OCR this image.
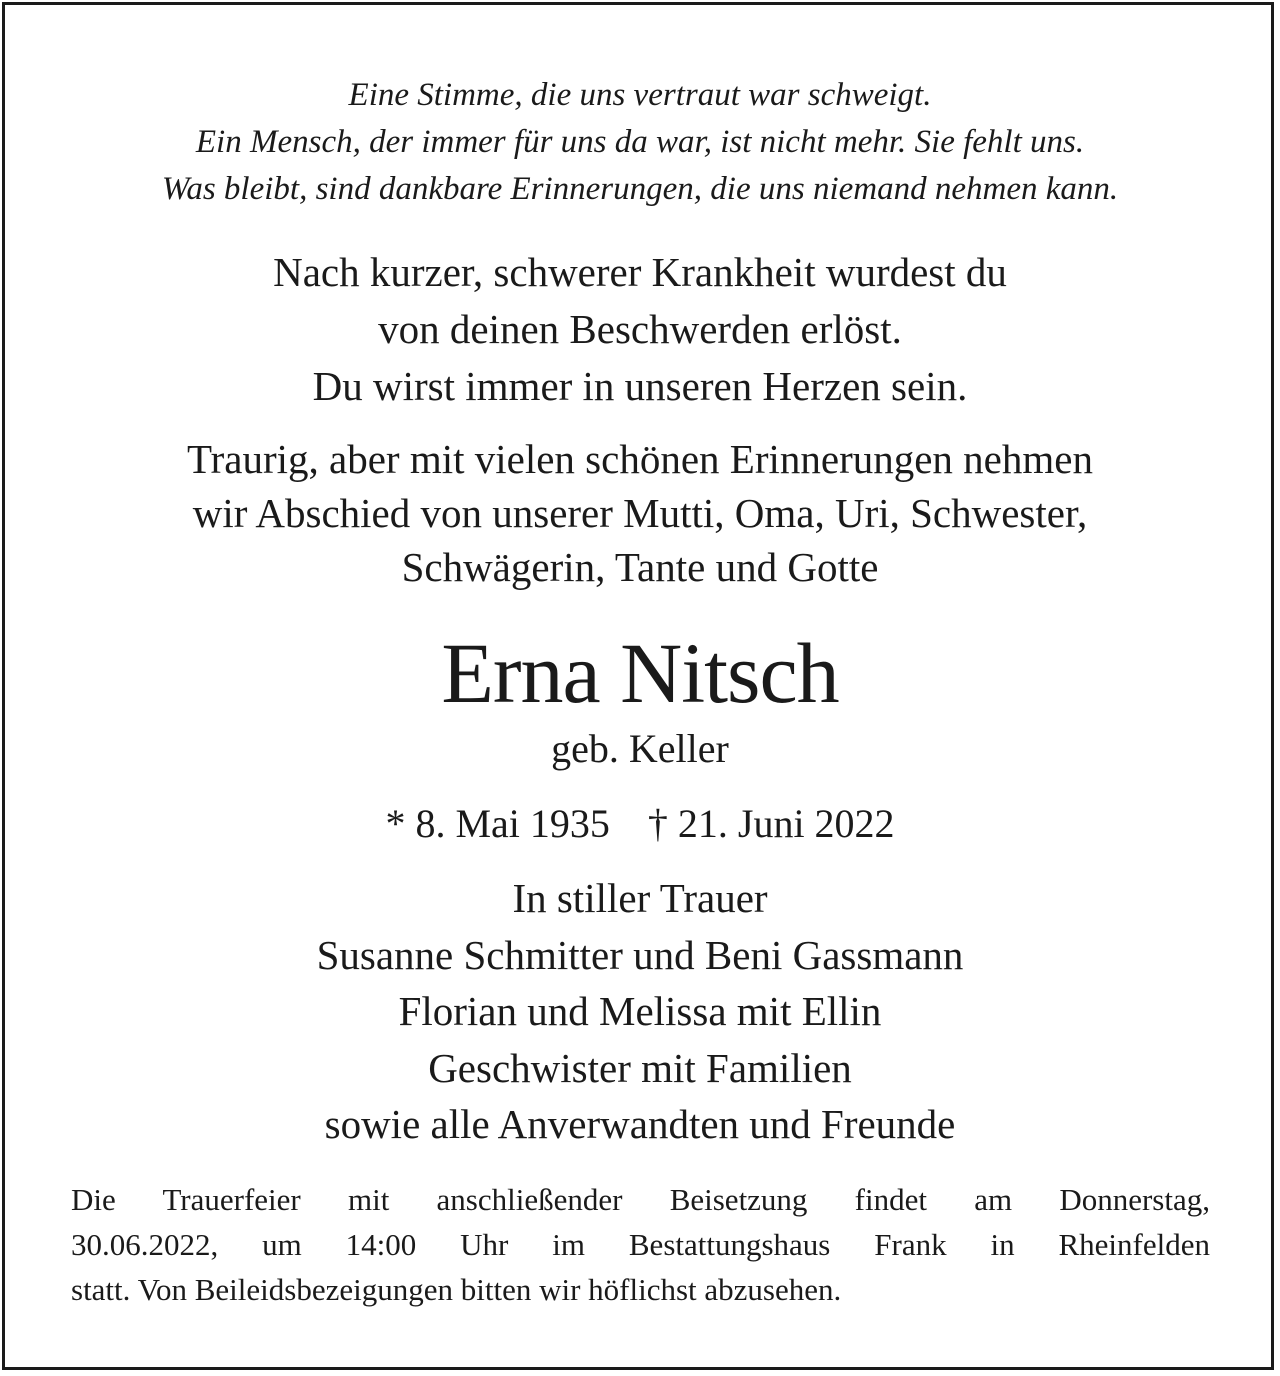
Eine Stimme, die uns vertraut war schweigt.
Ein Mensch, der immer für uns da war, ist nicht mehr. Sie fehlt uns.
Was bleibt, sind dankbare Erinnerungen, die uns niemand nehmen kann.
Nach kurzer, schwerer Krankheit wurdest du
von deinen Beschwerden erlöst.
Du wirst immer in unseren Herzen sein.
Traurig, aber mit vielen schönen Erinnerungen nehmen
wir Abschied von unserer Mutti, Oma, Uri, Schwester,
Schwägerin, Tante und Gotte
Erna Nitsch
geb. Keller
* 8. Mai 1935 † 21. Juni 2022
In stiller Trauer
Susanne Schmitter und Beni Gassmann
Florian und Melissa mit Ellin
Geschwister mit Familien
sowie alle Anverwandten und Freunde
Die Trauerfeier mit anschließender Beisetzung findet am Donnerstag,
30.06.2022, um 14:00 Uhr im Bestattungshaus Frank in Rheinfelden
statt. Von Beileidsbezeigungen bitten wir höflichst abzusehen.
